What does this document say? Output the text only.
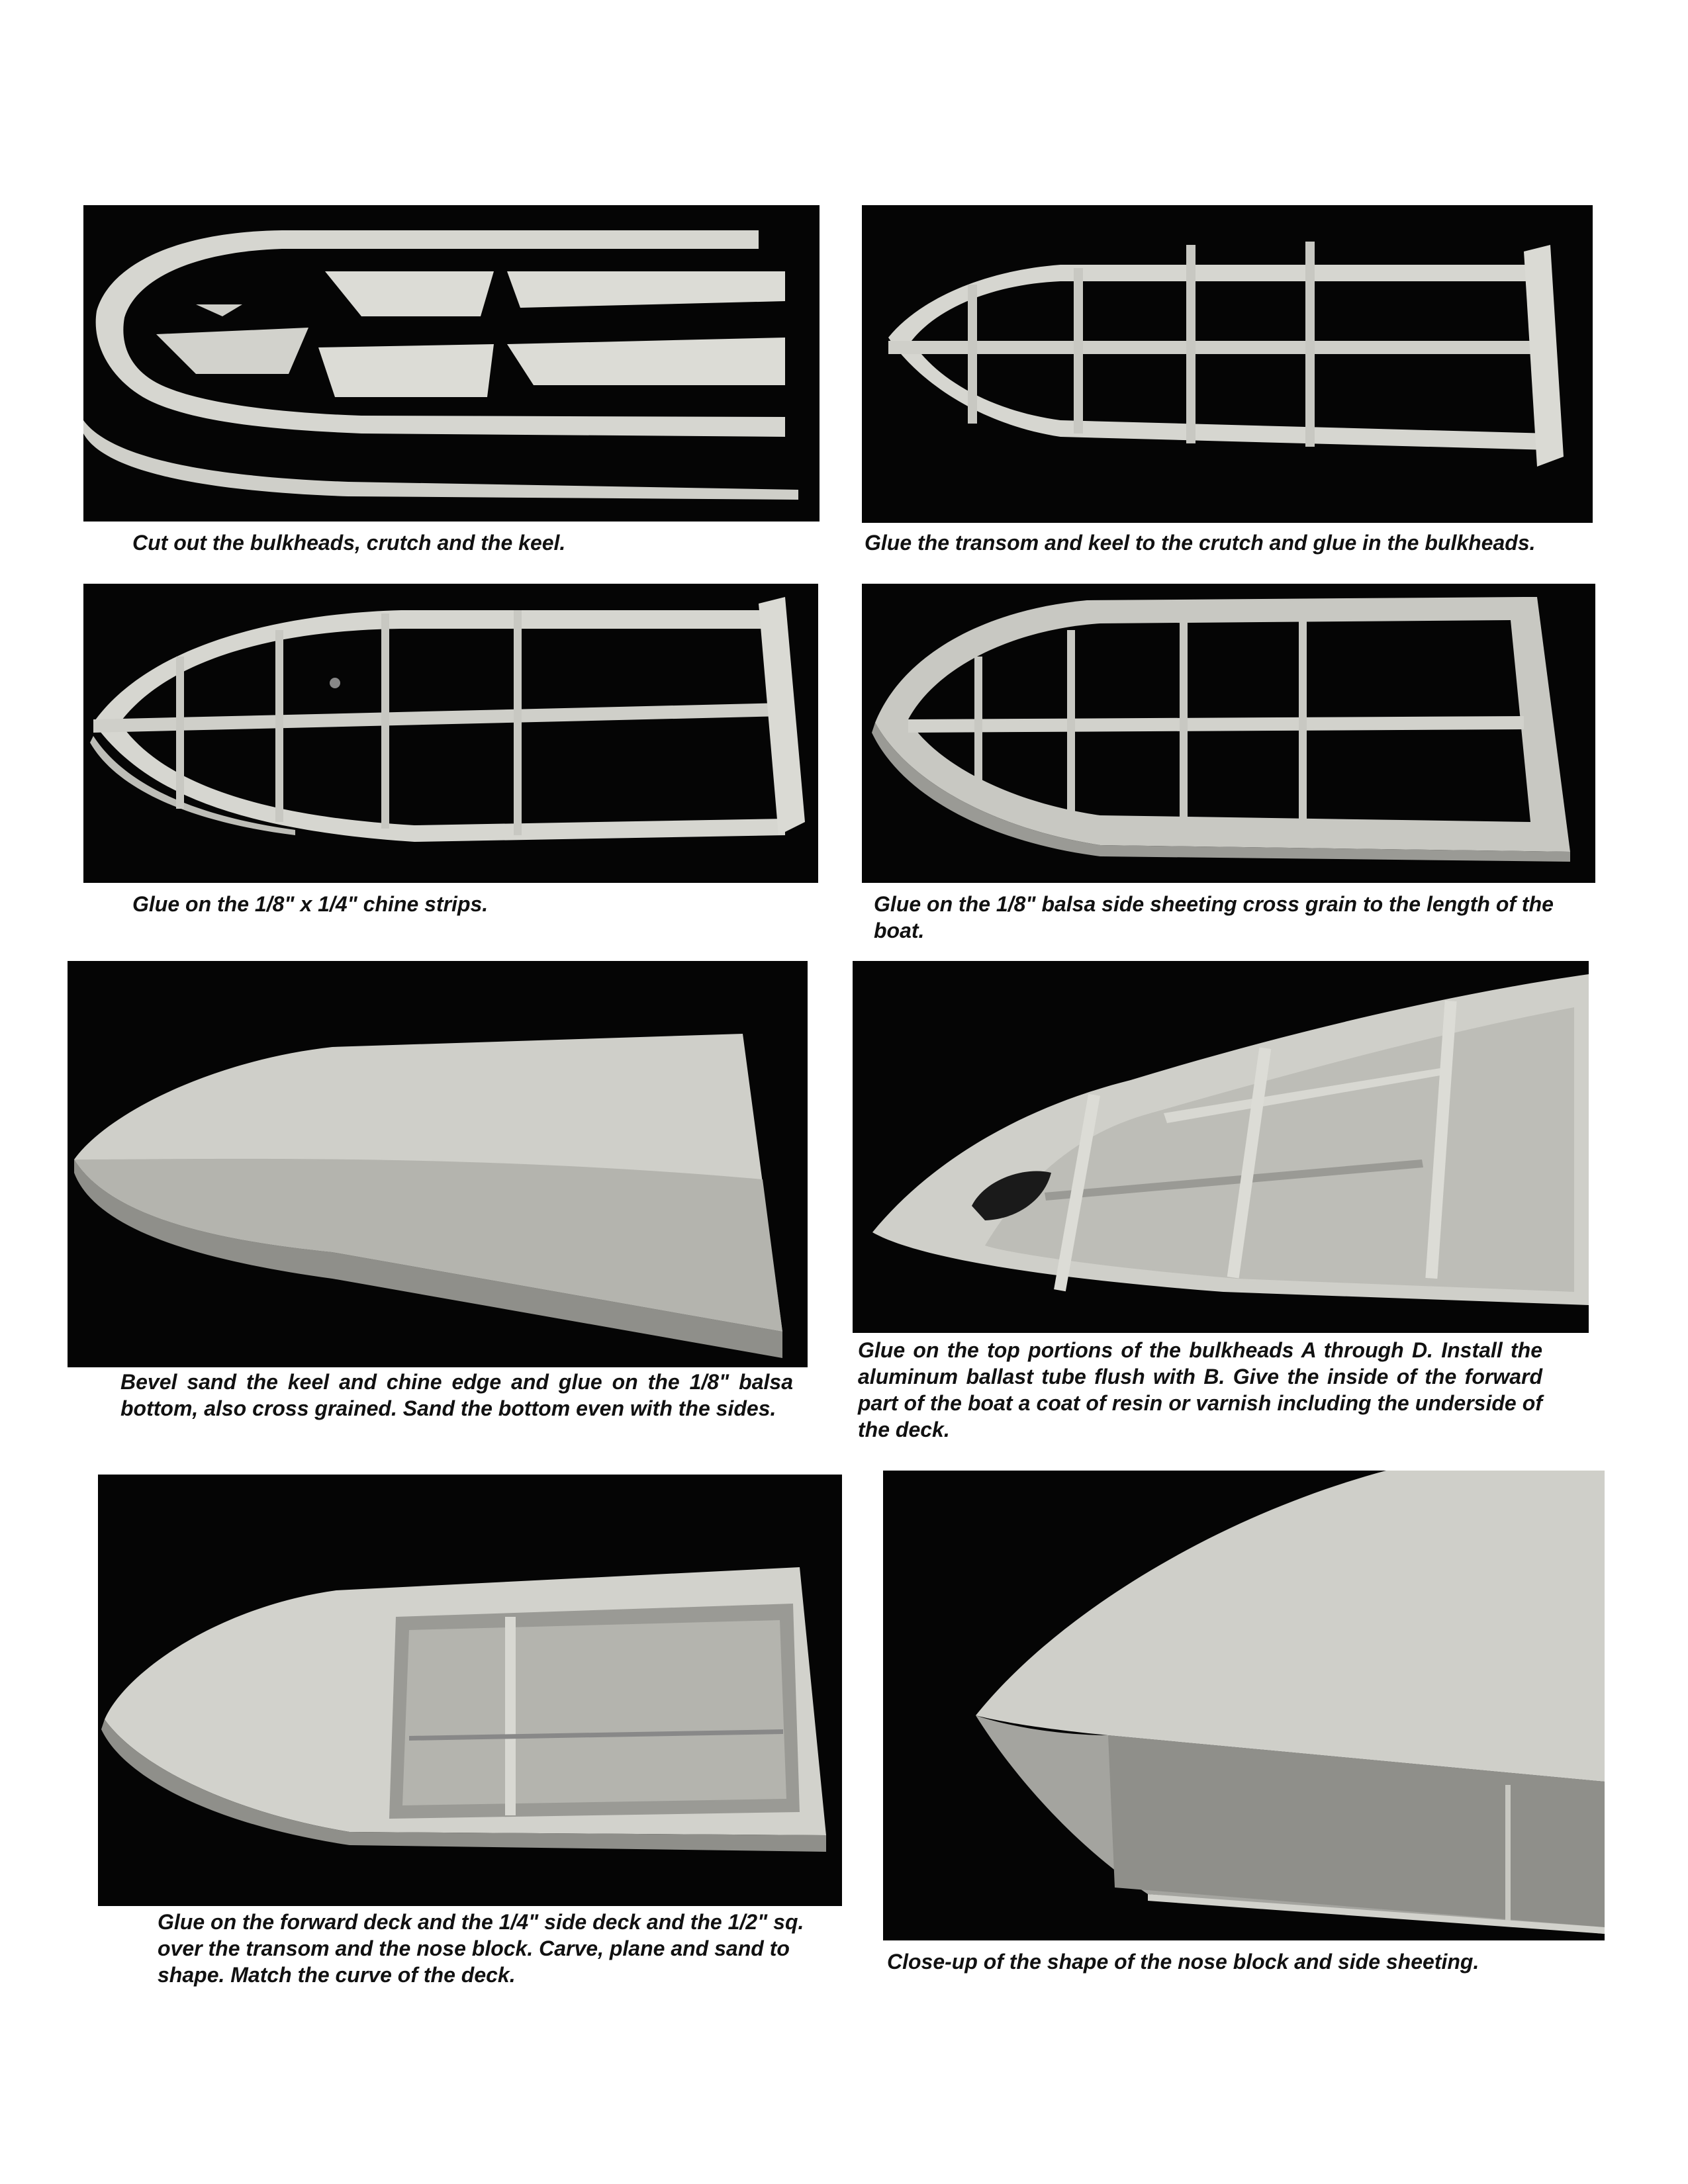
Cut out the bulkheads, crutch and the keel.	Glue the transom and keel to the crutch and glue in the bulkheads.

Glue on the 1/8" x 1/4" chine strips.	Glue on the 1/8" balsa side sheeting cross grain to the length of the boat.

Bevel sand the keel and chine edge and glue on the 1/8" balsa bottom, also cross grained. Sand the bottom even with the sides.

Glue on the top portions of the bulkheads A through D. Install the aluminum ballast tube flush with B. Give the inside of the forward part of the boat a coat of resin or varnish including the underside of the deck.

Glue on the forward deck and the 1/4" side deck and the 1/2" sq. over the transom and the nose block. Carve, plane and sand to shape. Match the curve of the deck.

Close-up of the shape of the nose block and side sheeting.
